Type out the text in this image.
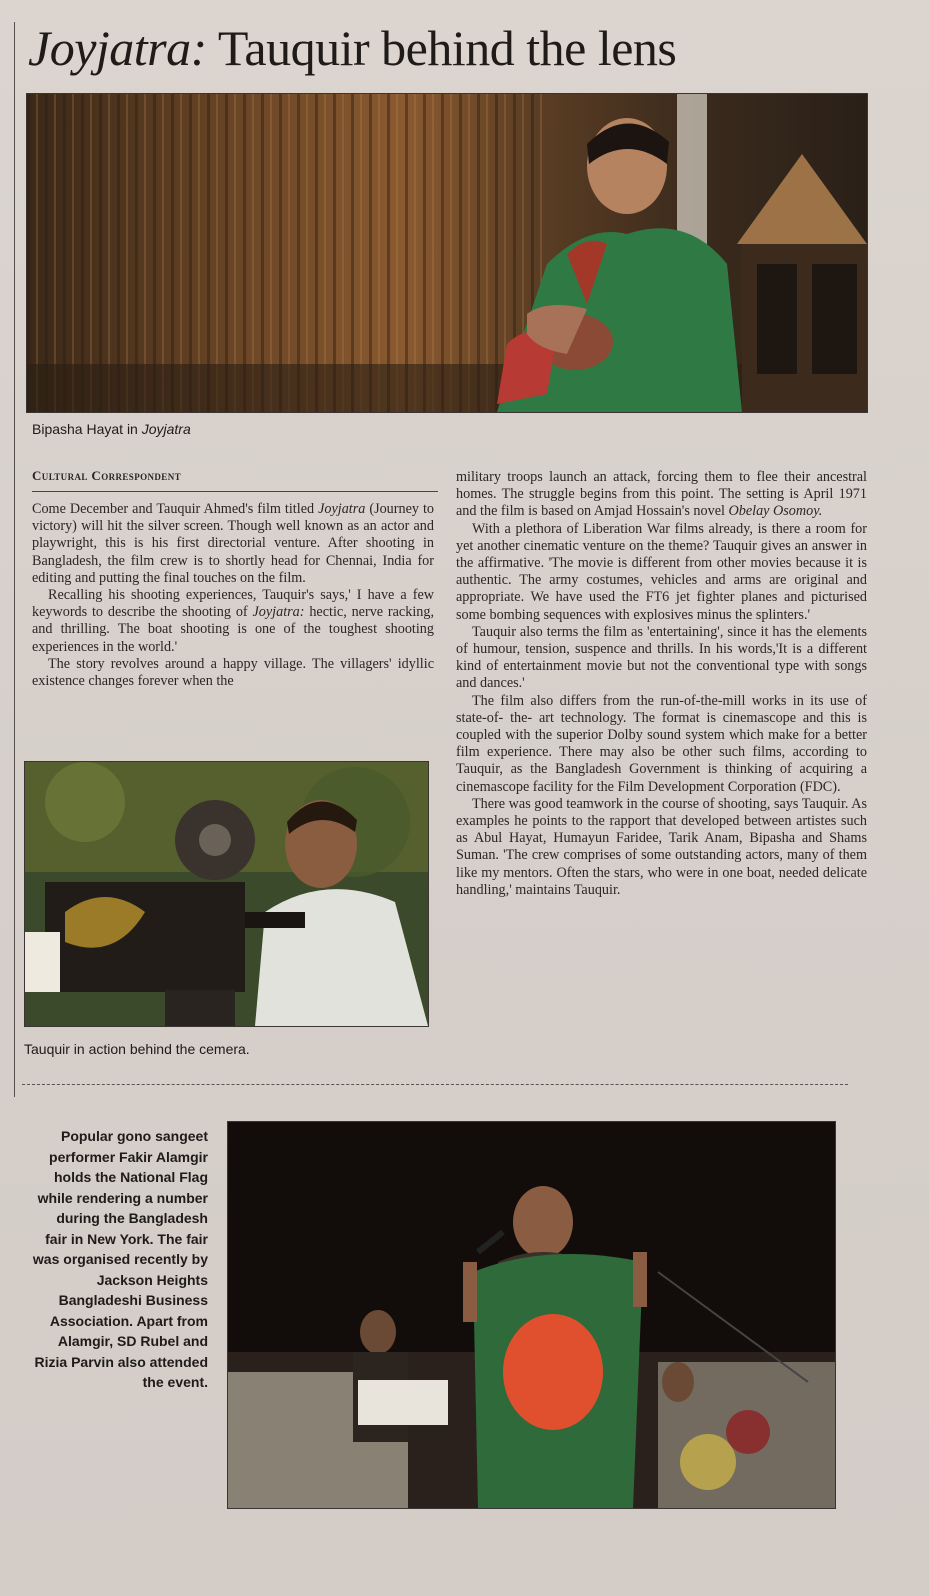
Joyjatra: Tauquir behind the lens
Bipasha Hayat in Joyjatra
Cultural Correspondent

Come December and Tauquir Ahmed's film titled Joyjatra (Journey to victory) will hit the silver screen. Though well known as an actor and playwright, this is his first directorial venture. After shooting in Bangladesh, the film crew is to shortly head for Chennai, India for editing and putting the final touches on the film.

Recalling his shooting experiences, Tauquir's says,' I have a few keywords to describe the shooting of Joyjatra: hectic, nerve racking, and thrilling. The boat shooting is one of the toughest shooting experiences in the world.'

The story revolves around a happy village. The villagers' idyllic existence changes forever when the

Tauquir in action behind the cemera.

military troops launch an attack, forcing them to flee their ancestral homes. The struggle begins from this point. The setting is April 1971 and the film is based on Amjad Hossain's novel Obelay Osomoy.

With a plethora of Liberation War films already, is there a room for yet another cinematic venture on the theme? Tauquir gives an answer in the affirmative. 'The movie is different from other movies because it is authentic. The army costumes, vehicles and arms are original and appropriate. We have used the FT6 jet fighter planes and picturised some bombing sequences with explosives minus the splinters.'

Tauquir also terms the film as 'entertaining', since it has the elements of humour, tension, suspence and thrills. In his words,'It is a different kind of entertainment movie but not the conventional type with songs and dances.'

The film also differs from the run-of-the-mill works in its use of state-of- the- art technology. The format is cinemascope and this is coupled with the superior Dolby sound system which make for a better film experience. There may also be other such films, according to Tauquir, as the Bangladesh Government is thinking of acquiring a cinemascope facility for the Film Development Corporation (FDC).

There was good teamwork in the course of shooting, says Tauquir. As examples he points to the rapport that developed between artistes such as Abul Hayat, Humayun Faridee, Tarik Anam, Bipasha and Shams Suman. 'The crew comprises of some outstanding actors, many of them like my mentors. Often the stars, who were in one boat, needed delicate handling,' maintains Tauquir.

Popular gono sangeet performer Fakir Alamgir holds the National Flag while rendering a number during the Bangladesh fair in New York. The fair was organised recently by Jackson Heights Bangladeshi Business Association. Apart from Alamgir, SD Rubel and Rizia Parvin also attended the event.
